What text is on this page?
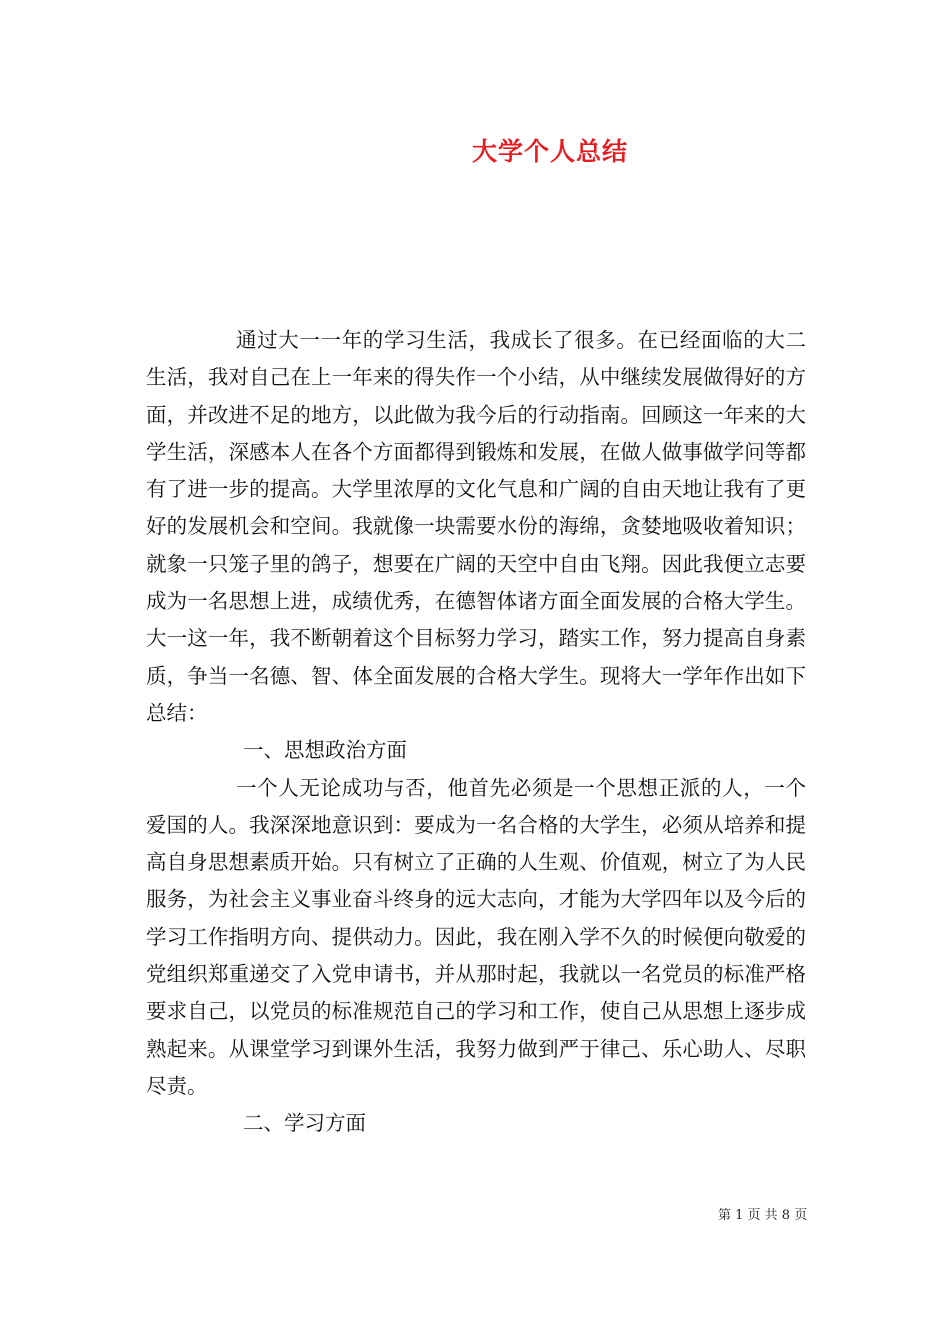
大学个人总结

通过大一一年的学习生活，我成长了很多。在已经面临的大二生活，我对自己在上一年来的得失作一个小结，从中继续发展做得好的方面，并改进不足的地方，以此做为我今后的行动指南。回顾这一年来的大学生活，深感本人在各个方面都得到锻炼和发展，在做人做事做学问等都有了进一步的提高。大学里浓厚的文化气息和广阔的自由天地让我有了更好的发展机会和空间。我就像一块需要水份的海绵，贪婪地吸收着知识；就象一只笼子里的鸽子，想要在广阔的天空中自由飞翔。因此我便立志要成为一名思想上进，成绩优秀，在德智体诸方面全面发展的合格大学生。大一这一年，我不断朝着这个目标努力学习，踏实工作，努力提高自身素质，争当一名德、智、体全面发展的合格大学生。现将大一学年作出如下总结：

一、思想政治方面

一个人无论成功与否，他首先必须是一个思想正派的人，一个爱国的人。我深深地意识到：要成为一名合格的大学生，必须从培养和提高自身思想素质开始。只有树立了正确的人生观、价值观，树立了为人民服务，为社会主义事业奋斗终身的远大志向，才能为大学四年以及今后的学习工作指明方向、提供动力。因此，我在刚入学不久的时候便向敬爱的党组织郑重递交了入党申请书，并从那时起，我就以一名党员的标准严格要求自己，以党员的标准规范自己的学习和工作，使自己从思想上逐步成熟起来。从课堂学习到课外生活，我努力做到严于律己、乐心助人、尽职尽责。

二、学习方面

第 1 页 共 8 页
